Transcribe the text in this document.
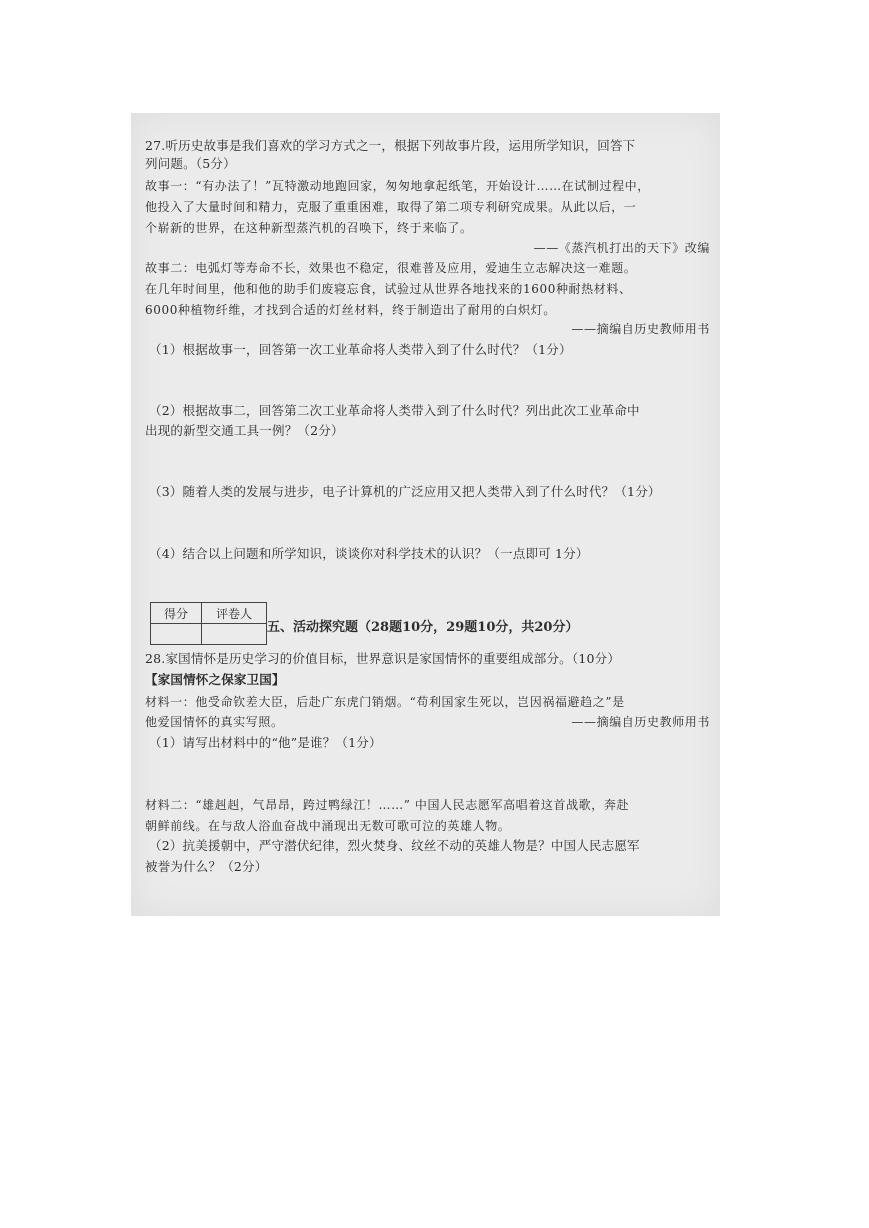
27.听历史故事是我们喜欢的学习方式之一，根据下列故事片段，运用所学知识，回答下
列问题。（5分）
故事一：“有办法了！”瓦特激动地跑回家，匆匆地拿起纸笔，开始设计……在试制过程中，
他投入了大量时间和精力，克服了重重困难，取得了第二项专利研究成果。从此以后，一
个崭新的世界，在这种新型蒸汽机的召唤下，终于来临了。
——《蒸汽机打出的天下》改编
故事二：电弧灯等寿命不长，效果也不稳定，很难普及应用，爱迪生立志解决这一难题。
在几年时间里，他和他的助手们废寝忘食，试验过从世界各地找来的1600种耐热材料、
6000种植物纤维，才找到合适的灯丝材料，终于制造出了耐用的白炽灯。
——摘编自历史教师用书
（1）根据故事一，回答第一次工业革命将人类带入到了什么时代？（1分）
（2）根据故事二，回答第二次工业革命将人类带入到了什么时代？列出此次工业革命中
出现的新型交通工具一例？（2分）
（3）随着人类的发展与进步，电子计算机的广泛应用又把人类带入到了什么时代？（1分）
（4）结合以上问题和所学知识，谈谈你对科学技术的认识？（一点即可 1分）
得分	评卷人

五、活动探究题（28题10分，29题10分，共20分）
28.家国情怀是历史学习的价值目标，世界意识是家国情怀的重要组成部分。（10分）
【家国情怀之保家卫国】
材料一：他受命钦差大臣，后赴广东虎门销烟。“苟利国家生死以，岂因祸福避趋之”是
他爱国情怀的真实写照。	——摘编自历史教师用书
（1）请写出材料中的“他”是谁？（1分）
材料二：“雄赳赳，气昂昂，跨过鸭绿江！……” 中国人民志愿军高唱着这首战歌，奔赴
朝鲜前线。在与敌人浴血奋战中涌现出无数可歌可泣的英雄人物。
（2）抗美援朝中，严守潜伏纪律，烈火焚身、纹丝不动的英雄人物是？中国人民志愿军
被誉为什么？（2分）
